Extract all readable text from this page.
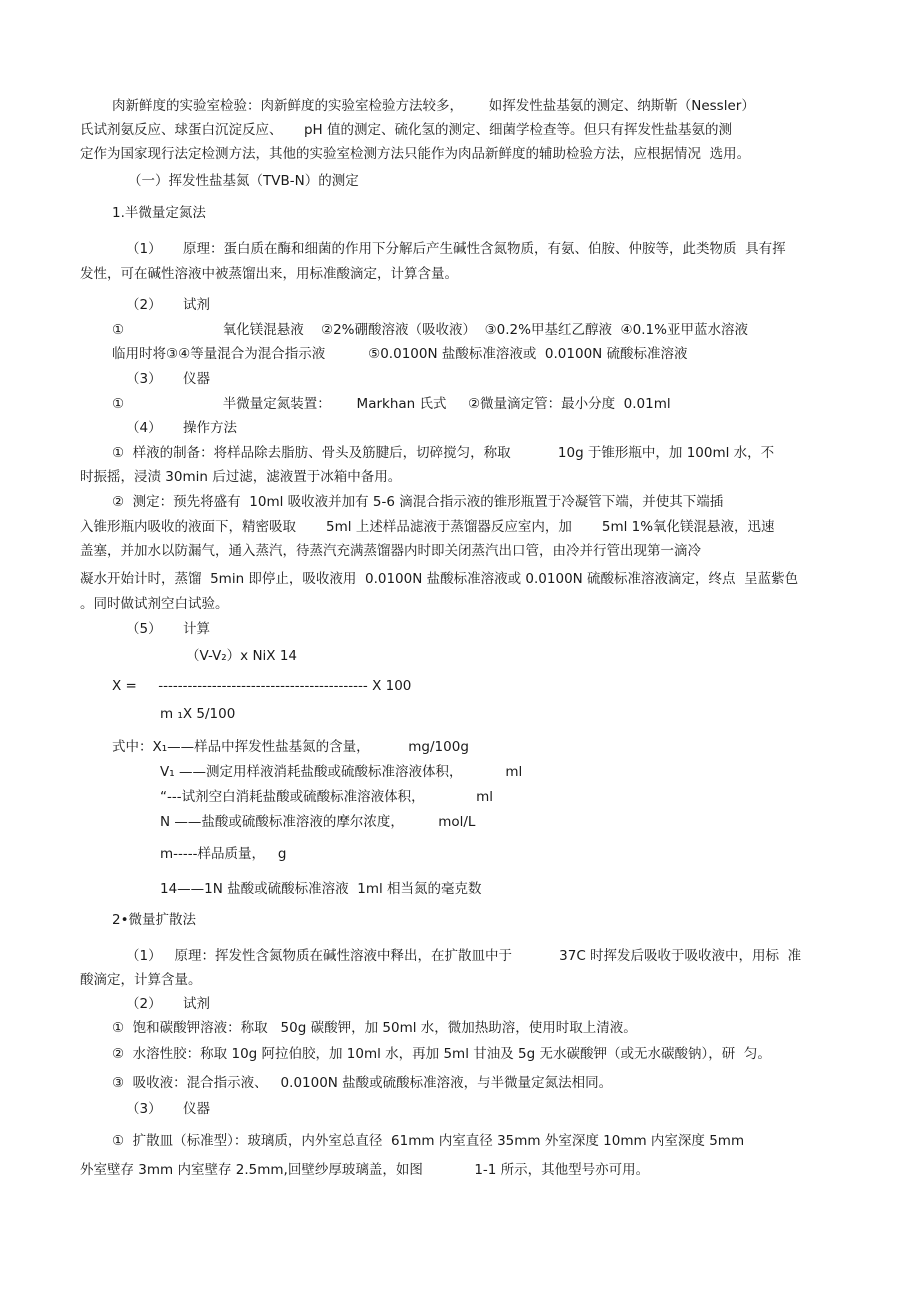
肉新鲜度的实验室检验：肉新鲜度的实验室检验方法较多，      如挥发性盐基氨的测定、纳斯靳（Nessler）
氏试剂氨反应、球蛋白沉淀反应、     pH 值的测定、硫化氢的测定、细菌学检查等。但只有挥发性盐基氨的测
定作为国家现行法定检测方法，其他的实验室检测方法只能作为肉品新鲜度的辅助检验方法，应根据情况  选用。
（一）挥发性盐基氮（TVB-N）的测定
1.半微量定氮法
（1）     原理：蛋白质在酶和细菌的作用下分解后产生碱性含氮物质，有氨、伯胺、仲胺等，此类物质  具有挥
发性，可在碱性溶液中被蒸馏出来，用标准酸滴定，计算含量。
（2）     试剂
①                       氧化镁混悬液    ②2%硼酸溶液（吸收液）  ③0.2%甲基红乙醇液  ④0.1%亚甲蓝水溶液
临用时将③④等量混合为混合指示液          ⑤0.0100N 盐酸标准溶液或  0.0100N 硫酸标准溶液
（3）     仪器
①                       半微量定氮装置：      Markhan 氏式     ②微量滴定管：最小分度  0.01ml
（4）     操作方法
①  样液的制备：将样品除去脂肪、骨头及筋腱后，切碎搅匀，称取           10g 于锥形瓶中，加 100ml 水，不
时振摇，浸渍 30min 后过滤，滤液置于冰箱中备用。
②  测定：预先将盛有  10ml 吸收液并加有 5-6 滴混合指示液的锥形瓶置于冷凝管下端，并使其下端插
入锥形瓶内吸收的液面下，精密吸取       5ml 上述样品滤液于蒸馏器反应室内，加       5ml 1%氧化镁混悬液，迅速
盖塞，并加水以防漏气，通入蒸汽，待蒸汽充满蒸馏器内时即关闭蒸汽出口管，由冷并行管出现第一滴冷
凝水开始计时，蒸馏  5min 即停止，吸收液用  0.0100N 盐酸标准溶液或 0.0100N 硫酸标准溶液滴定，终点  呈蓝紫色
。同时做试剂空白试验。
（5）     计算
（V-V₂）x NiX 14
X =     ------------------------------------------- X 100
m ₁X 5/100
式中：X₁——样品中挥发性盐基氮的含量，         mg/100g
V₁ ——测定用样液消耗盐酸或硫酸标准溶液体积，          ml
“---试剂空白消耗盐酸或硫酸标准溶液体积，            ml
N ——盐酸或硫酸标准溶液的摩尔浓度，        mol/L
m-----样品质量，   g
14——1N 盐酸或硫酸标准溶液  1ml 相当氮的毫克数
2•微量扩散法
（1）   原理：挥发性含氮物质在碱性溶液中释出，在扩散皿中于           37C 时挥发后吸收于吸收液中，用标  准
酸滴定，计算含量。
（2）     试剂
①  饱和碳酸钾溶液：称取   50g 碳酸钾，加 50ml 水，微加热助溶，使用时取上清液。
②  水溶性胶：称取 10g 阿拉伯胶，加 10ml 水，再加 5ml 甘油及 5g 无水碳酸钾（或无水碳酸钠），研  匀。
③  吸收液：混合指示液、   0.0100N 盐酸或硫酸标准溶液，与半微量定氮法相同。
（3）     仪器
①  扩散皿（标准型）：玻璃质，内外室总直径  61mm 内室直径 35mm 外室深度 10mm 内室深度 5mm
外室壁存 3mm 内室壁存 2.5mm,回壁纱厚玻璃盖，如图            1-1 所示，其他型号亦可用。
